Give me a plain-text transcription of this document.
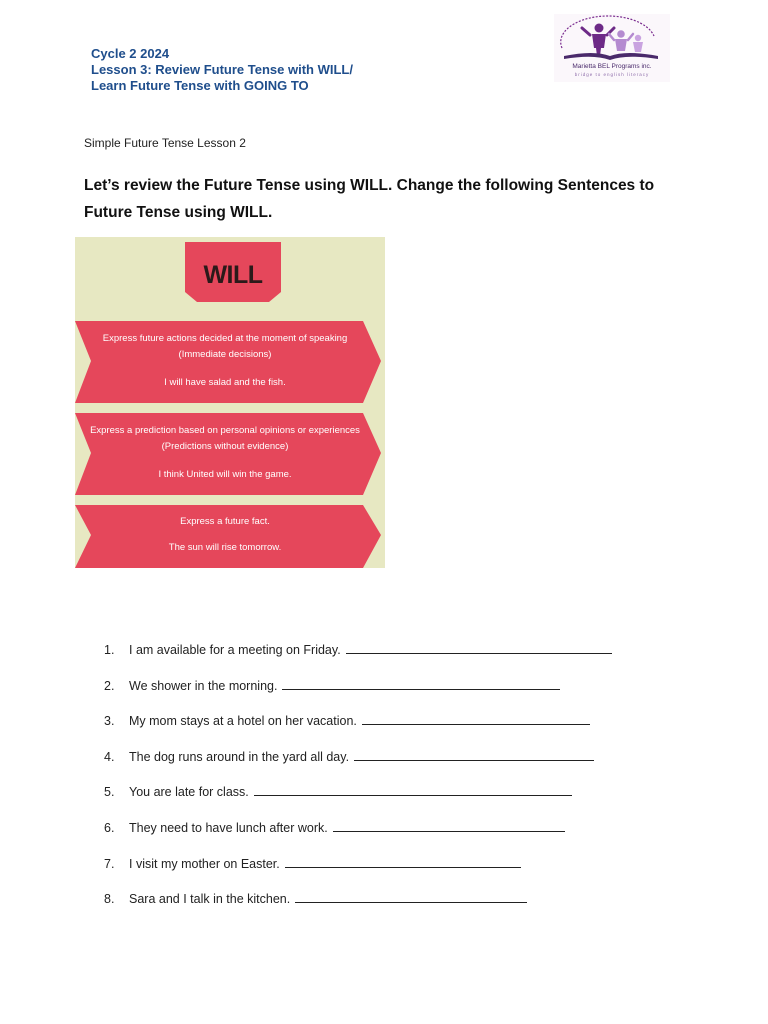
Cycle 2 2024
Lesson 3: Review Future Tense with WILL/
Learn Future Tense with GOING TO
Marietta BEL Programs inc.
bridge to english literacy
Simple Future Tense Lesson 2
Let’s review the Future Tense using WILL. Change the following Sentences to Future Tense using WILL.
WILL
Express future actions decided at the moment of speaking
(Immediate decisions)
I will have salad and the fish.
Express a prediction based on personal opinions or experiences
(Predictions without evidence)
I think United will win the game.
Express a future fact.
The sun will rise tomorrow.
1.	I am available for a meeting on Friday.
2.	We shower in the morning.
3.	My mom stays at a hotel on her vacation.
4.	The dog runs around in the yard all day.
5.	You are late for class.
6.	They need to have lunch after work.
7.	I visit my mother on Easter.
8.	Sara and I talk in the kitchen.
